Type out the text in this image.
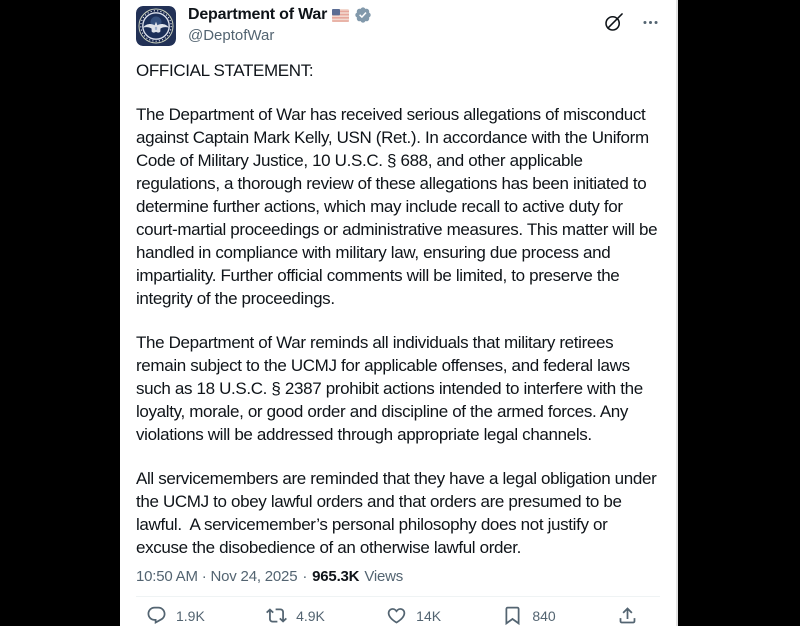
Department of War
@DeptofWar

OFFICIAL STATEMENT:

The Department of War has received serious allegations of misconduct against Captain Mark Kelly, USN (Ret.). In accordance with the Uniform Code of Military Justice, 10 U.S.C. § 688, and other applicable regulations, a thorough review of these allegations has been initiated to determine further actions, which may include recall to active duty for court-martial proceedings or administrative measures. This matter will be handled in compliance with military law, ensuring due process and impartiality. Further official comments will be limited, to preserve the integrity of the proceedings.

The Department of War reminds all individuals that military retirees remain subject to the UCMJ for applicable offenses, and federal laws such as 18 U.S.C. § 2387 prohibit actions intended to interfere with the loyalty, morale, or good order and discipline of the armed forces. Any violations will be addressed through appropriate legal channels.

All servicemembers are reminded that they have a legal obligation under the UCMJ to obey lawful orders and that orders are presumed to be lawful.  A servicemember’s personal philosophy does not justify or excuse the disobedience of an otherwise lawful order.

10:50 AM · Nov 24, 2025 · 965.3K Views
1.9K	4.9K	14K	840
